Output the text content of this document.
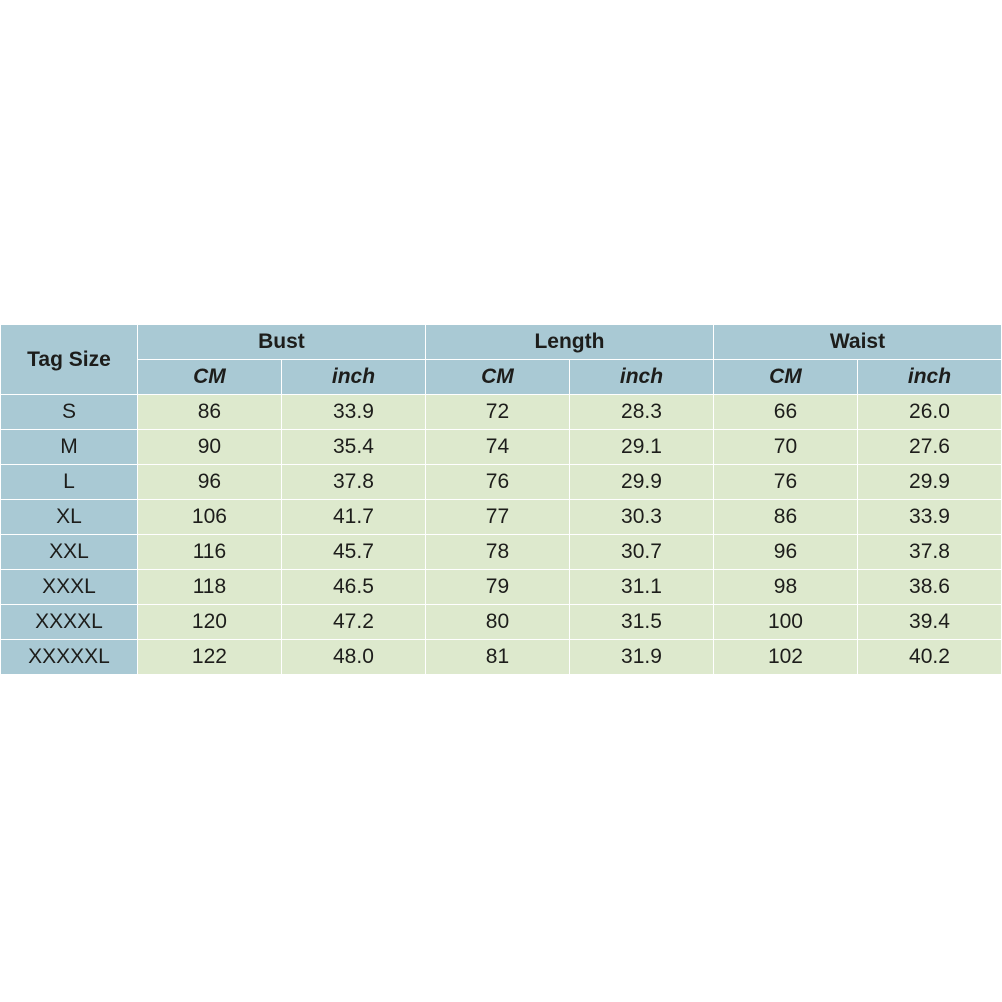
Tag Size	Bust		Length		Waist	
	CM	inch	CM	inch	CM	inch
S	86	33.9	72	28.3	66	26.0
M	90	35.4	74	29.1	70	27.6
L	96	37.8	76	29.9	76	29.9
XL	106	41.7	77	30.3	86	33.9
XXL	116	45.7	78	30.7	96	37.8
XXXL	118	46.5	79	31.1	98	38.6
XXXXL	120	47.2	80	31.5	100	39.4
XXXXXL	122	48.0	81	31.9	102	40.2
